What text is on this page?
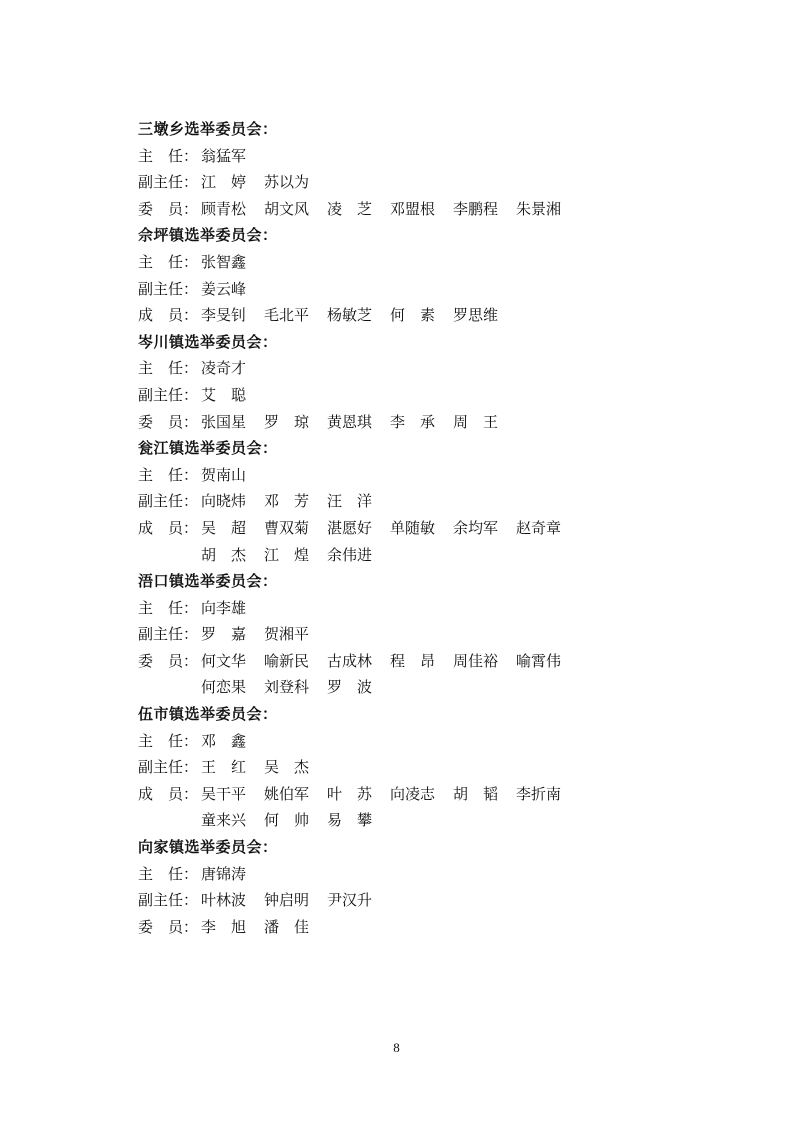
三墩乡选举委员会：
主　任： 翁猛军
副主任： 江　婷	苏以为
委　员： 顾青松	胡文风	凌　芝	邓盟根	李鹏程	朱景湘
佘坪镇选举委员会：
主　任： 张智鑫
副主任： 姜云峰
成　员： 李旻钊	毛北平	杨敏芝	何　素	罗思维
岑川镇选举委员会：
主　任： 凌奇才
副主任： 艾　聪
委　员： 张国星	罗　琼	黄恩琪	李　承	周　王
瓮江镇选举委员会：
主　任： 贺南山
副主任： 向晓炜	邓　芳	汪　洋
成　员： 吴　超	曹双菊	湛愿好	单随敏	余均军	赵奇章
胡　杰	江　煌	余伟进
浯口镇选举委员会：
主　任： 向李雄
副主任： 罗　嘉	贺湘平
委　员： 何文华	喻新民	古成林	程　昂	周佳裕	喻霄伟
何恋果	刘登科	罗　波
伍市镇选举委员会：
主　任： 邓　鑫
副主任： 王　红	吴　杰
成　员： 吴干平	姚伯军	叶　苏	向凌志	胡　韬	李折南
童来兴	何　帅	易　攀
向家镇选举委员会：
主　任： 唐锦涛
副主任： 叶林波	钟启明	尹汉升
委　员： 李　旭	潘　佳
8
